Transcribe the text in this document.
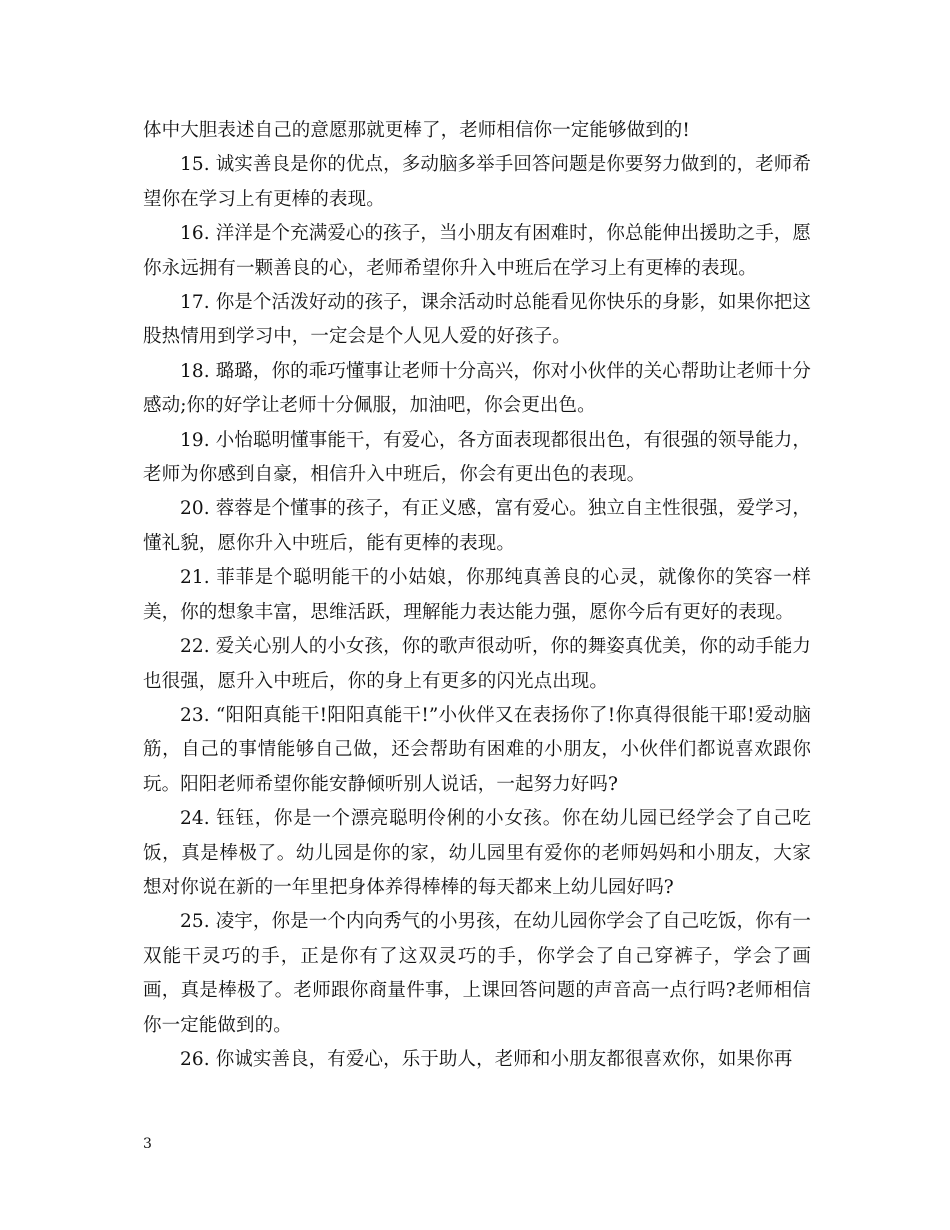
体中大胆表述自己的意愿那就更棒了，老师相信你一定能够做到的!

15. 诚实善良是你的优点，多动脑多举手回答问题是你要努力做到的，老师希望你在学习上有更棒的表现。

16. 洋洋是个充满爱心的孩子，当小朋友有困难时，你总能伸出援助之手，愿你永远拥有一颗善良的心，老师希望你升入中班后在学习上有更棒的表现。

17. 你是个活泼好动的孩子，课余活动时总能看见你快乐的身影，如果你把这股热情用到学习中，一定会是个人见人爱的好孩子。

18. 璐璐，你的乖巧懂事让老师十分高兴，你对小伙伴的关心帮助让老师十分感动;你的好学让老师十分佩服，加油吧，你会更出色。

19. 小怡聪明懂事能干，有爱心，各方面表现都很出色，有很强的领导能力，老师为你感到自豪，相信升入中班后，你会有更出色的表现。

20. 蓉蓉是个懂事的孩子，有正义感，富有爱心。独立自主性很强，爱学习，懂礼貌，愿你升入中班后，能有更棒的表现。

21. 菲菲是个聪明能干的小姑娘，你那纯真善良的心灵，就像你的笑容一样美，你的想象丰富，思维活跃，理解能力表达能力强，愿你今后有更好的表现。

22. 爱关心别人的小女孩，你的歌声很动听，你的舞姿真优美，你的动手能力也很强，愿升入中班后，你的身上有更多的闪光点出现。

23. “阳阳真能干!阳阳真能干!”小伙伴又在表扬你了!你真得很能干耶!爱动脑筋，自己的事情能够自己做，还会帮助有困难的小朋友，小伙伴们都说喜欢跟你玩。阳阳老师希望你能安静倾听别人说话，一起努力好吗?

24. 钰钰，你是一个漂亮聪明伶俐的小女孩。你在幼儿园已经学会了自己吃饭，真是棒极了。幼儿园是你的家，幼儿园里有爱你的老师妈妈和小朋友，大家想对你说在新的一年里把身体养得棒棒的每天都来上幼儿园好吗?

25. 凌宇，你是一个内向秀气的小男孩，在幼儿园你学会了自己吃饭，你有一双能干灵巧的手，正是你有了这双灵巧的手，你学会了自己穿裤子，学会了画画，真是棒极了。老师跟你商量件事，上课回答问题的声音高一点行吗?老师相信你一定能做到的。

26. 你诚实善良，有爱心，乐于助人，老师和小朋友都很喜欢你，如果你再

3
